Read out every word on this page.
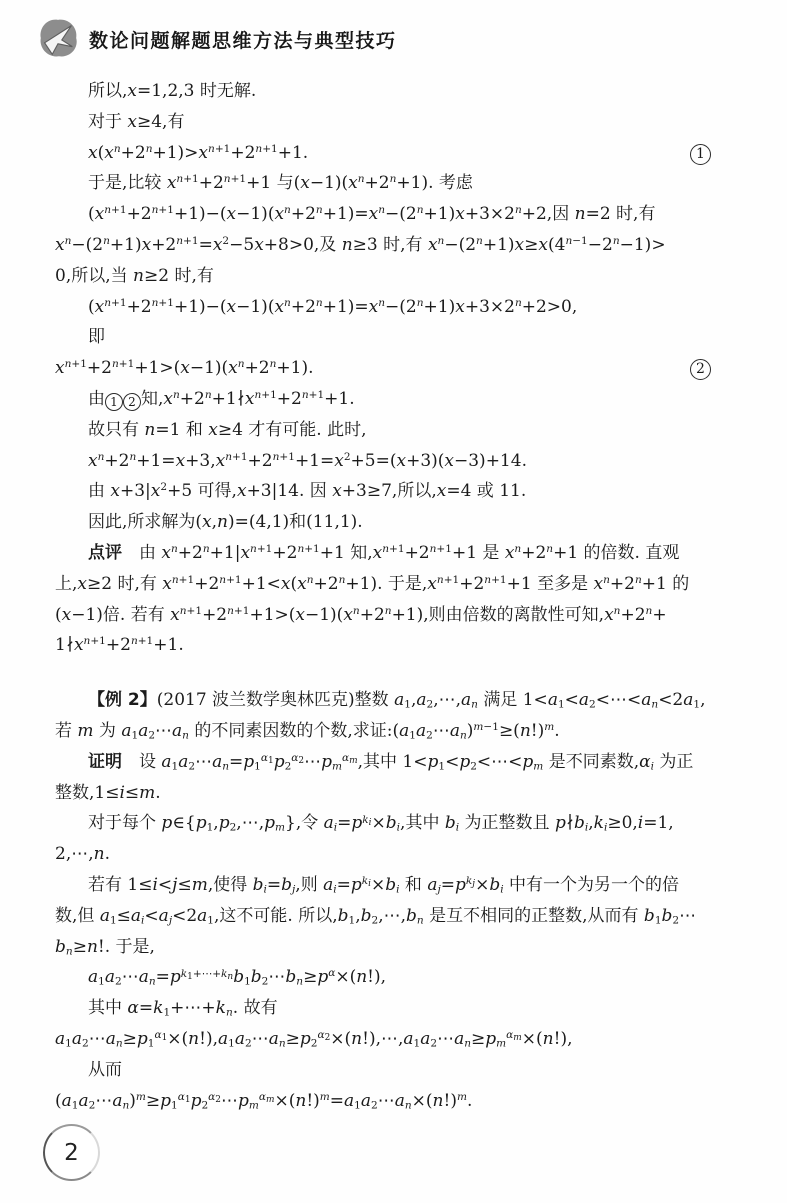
数论问题解题思维方法与典型技巧
所以,x=1,2,3 时无解.
对于 x≥4,有
$x(x^n+2^n+1)>x^{n+1}+2^{n+1}+1$.	1
于是,比较 $x^{n+1}+2^{n+1}+1$ 与$(x-1)(x^n+2^n+1)$. 考虑
$(x^{n+1}+2^{n+1}+1)-(x-1)(x^n+2^n+1)=x^n-(2^n+1)x+3\times 2^n+2$,因 n=2 时,有
$x^n-(2^n+1)x+2^{n+1}=x^2-5x+8>0$,及 n≥3 时,有 $x^n-(2^n+1)x\ge x(4^{n-1}-2^n-1)>$
0,所以,当 n≥2 时,有
$(x^{n+1}+2^{n+1}+1)-(x-1)(x^n+2^n+1)=x^n-(2^n+1)x+3\times 2^n+2>0$,
即
$x^{n+1}+2^{n+1}+1>(x-1)(x^n+2^n+1)$.	2
由 1 2 知$,x^n+2^n+1∤x^{n+1}+2^{n+1}+1$.
故只有 n=1 和 x≥4 才有可能. 此时,
$x^n+2^n+1=x+3,x^{n+1}+2^{n+1}+1=x^2+5=(x+3)(x-3)+14$.
由 $x+3|x^2+5$ 可得,x+3|14. 因 x+3≥7,所以,x=4 或 11.
因此,所求解为(x,n)=(4,1)和(11,1).
点评 由 $x^n+2^n+1|x^{n+1}+2^{n+1}+1$ 知$,x^{n+1}+2^{n+1}+1$ 是 $x^n+2^n+1$ 的倍数. 直观
上,x≥2 时,有 $x^{n+1}+2^{n+1}+1<x(x^n+2^n+1)$. 于是$,x^{n+1}+2^{n+1}+1$ 至多是 $x^n+2^n+1$ 的
(x−1)倍. 若有 $x^{n+1}+2^{n+1}+1>(x-1)(x^n+2^n+1)$,则由倍数的离散性可知$,x^n+2^n+$
$1∤x^{n+1}+2^{n+1}+1$.
【例 2】(2017 波兰数学奥林匹克)整数 $a_1,a_2,\cdots,a_n$ 满足 $1<a_1<a_2<\cdots<a_n<2a_1$,
若 m 为 $a_1a_2\cdots a_n$ 的不同素因数的个数,求证$:(a_1a_2\cdots a_n)^{m-1}\ge(n!)^m$.
证明 设 $a_1a_2\cdots a_n=p_1^{\alpha_1}p_2^{\alpha_2}\cdots p_m^{\alpha_m}$,其中 $1<p_1<p_2<\cdots<p_m$ 是不同素数$,\alpha_i$ 为正
整数,1≤i≤m.
对于每个 $p\in\{p_1,p_2,\cdots,p_m\}$,令 $a_i=p^{k_i}\times b_i$,其中 $b_i$ 为正整数且 $p∤b_i,k_i\ge 0,i=1$,
2,⋯,n.
若有 1≤i<j≤m,使得 $b_i=b_j$,则 $a_i=p^{k_i}\times b_i$ 和 $a_j=p^{k_j}\times b_i$ 中有一个为另一个的倍
数,但 $a_1\le a_i<a_j<2a_1$,这不可能. 所以$,b_1,b_2,\cdots,b_n$ 是互不相同的正整数,从而有 $b_1b_2\cdots$
$b_n\ge n$!. 于是,
$a_1a_2\cdots a_n=p^{k_1+\cdots+k_n}b_1b_2\cdots b_n\ge p^\alpha\times(n!)$,
其中 $\alpha=k_1+\cdots+k_n$. 故有
$a_1a_2\cdots a_n\ge p_1^{\alpha_1}\times(n!),a_1a_2\cdots a_n\ge p_2^{\alpha_2}\times(n!),\cdots,a_1a_2\cdots a_n\ge p_m^{\alpha_m}\times(n!)$,
从而
$(a_1a_2\cdots a_n)^m\ge p_1^{\alpha_1}p_2^{\alpha_2}\cdots p_m^{\alpha_m}\times(n!)^m=a_1a_2\cdots a_n\times(n!)^m$.
2
